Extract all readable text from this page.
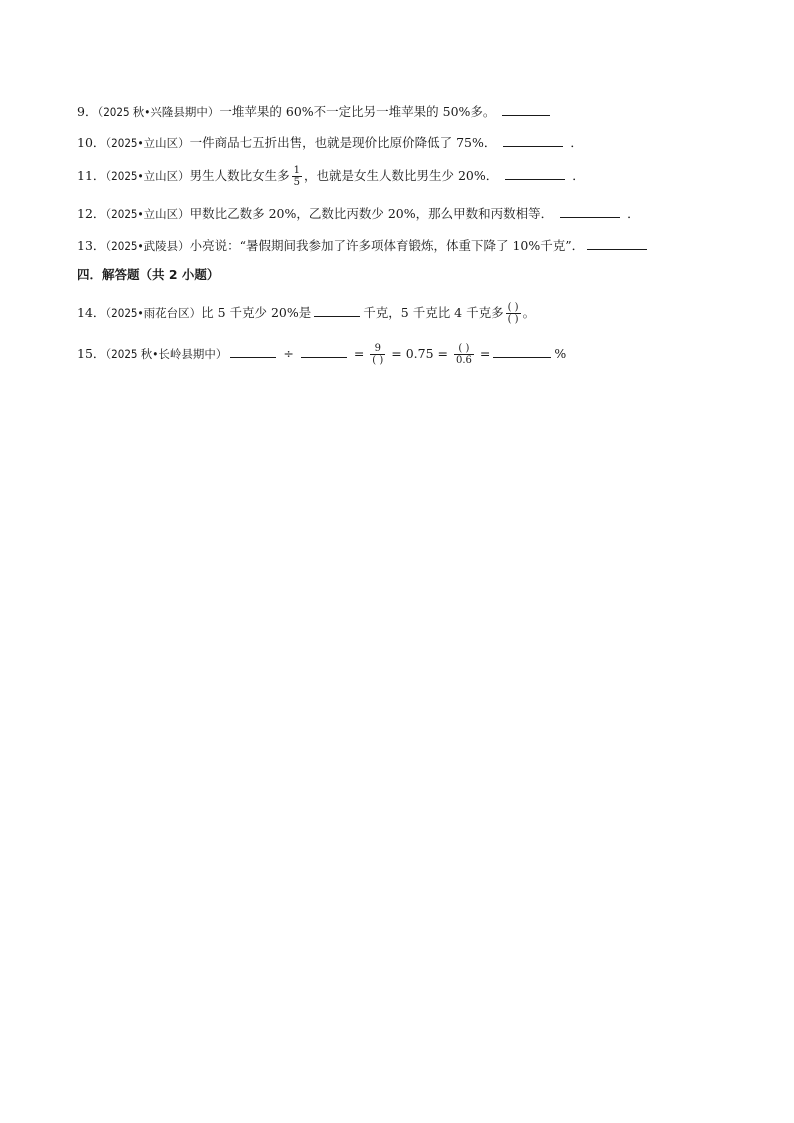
9．（2025 秋•兴隆县期中）一堆苹果的 60%不一定比另一堆苹果的 50%多。
10．（2025•立山区）一件商品七五折出售，也就是现价比原价降低了 75%．	．
11．（2025•立山区）男生人数比女生多 $\frac{1}{5}$ ，也就是女生人数比男生少 20%．	．
12．（2025•立山区）甲数比乙数多 20%，乙数比丙数少 20%，那么甲数和丙数相等．	．
13．（2025•武陵县）小亮说：“暑假期间我参加了许多项体育锻炼，体重下降了 10%千克”．
四．解答题（共 2 小题）
14．（2025•雨花台区）比 5 千克少 20%是	千克，5 千克比 4 千克多 $\frac{( )}{( )}$ 。
15．（2025 秋•长岭县期中）	÷	= $\frac{9}{( )} = 0.75 = \frac{( )}{0.6}$ =	%
